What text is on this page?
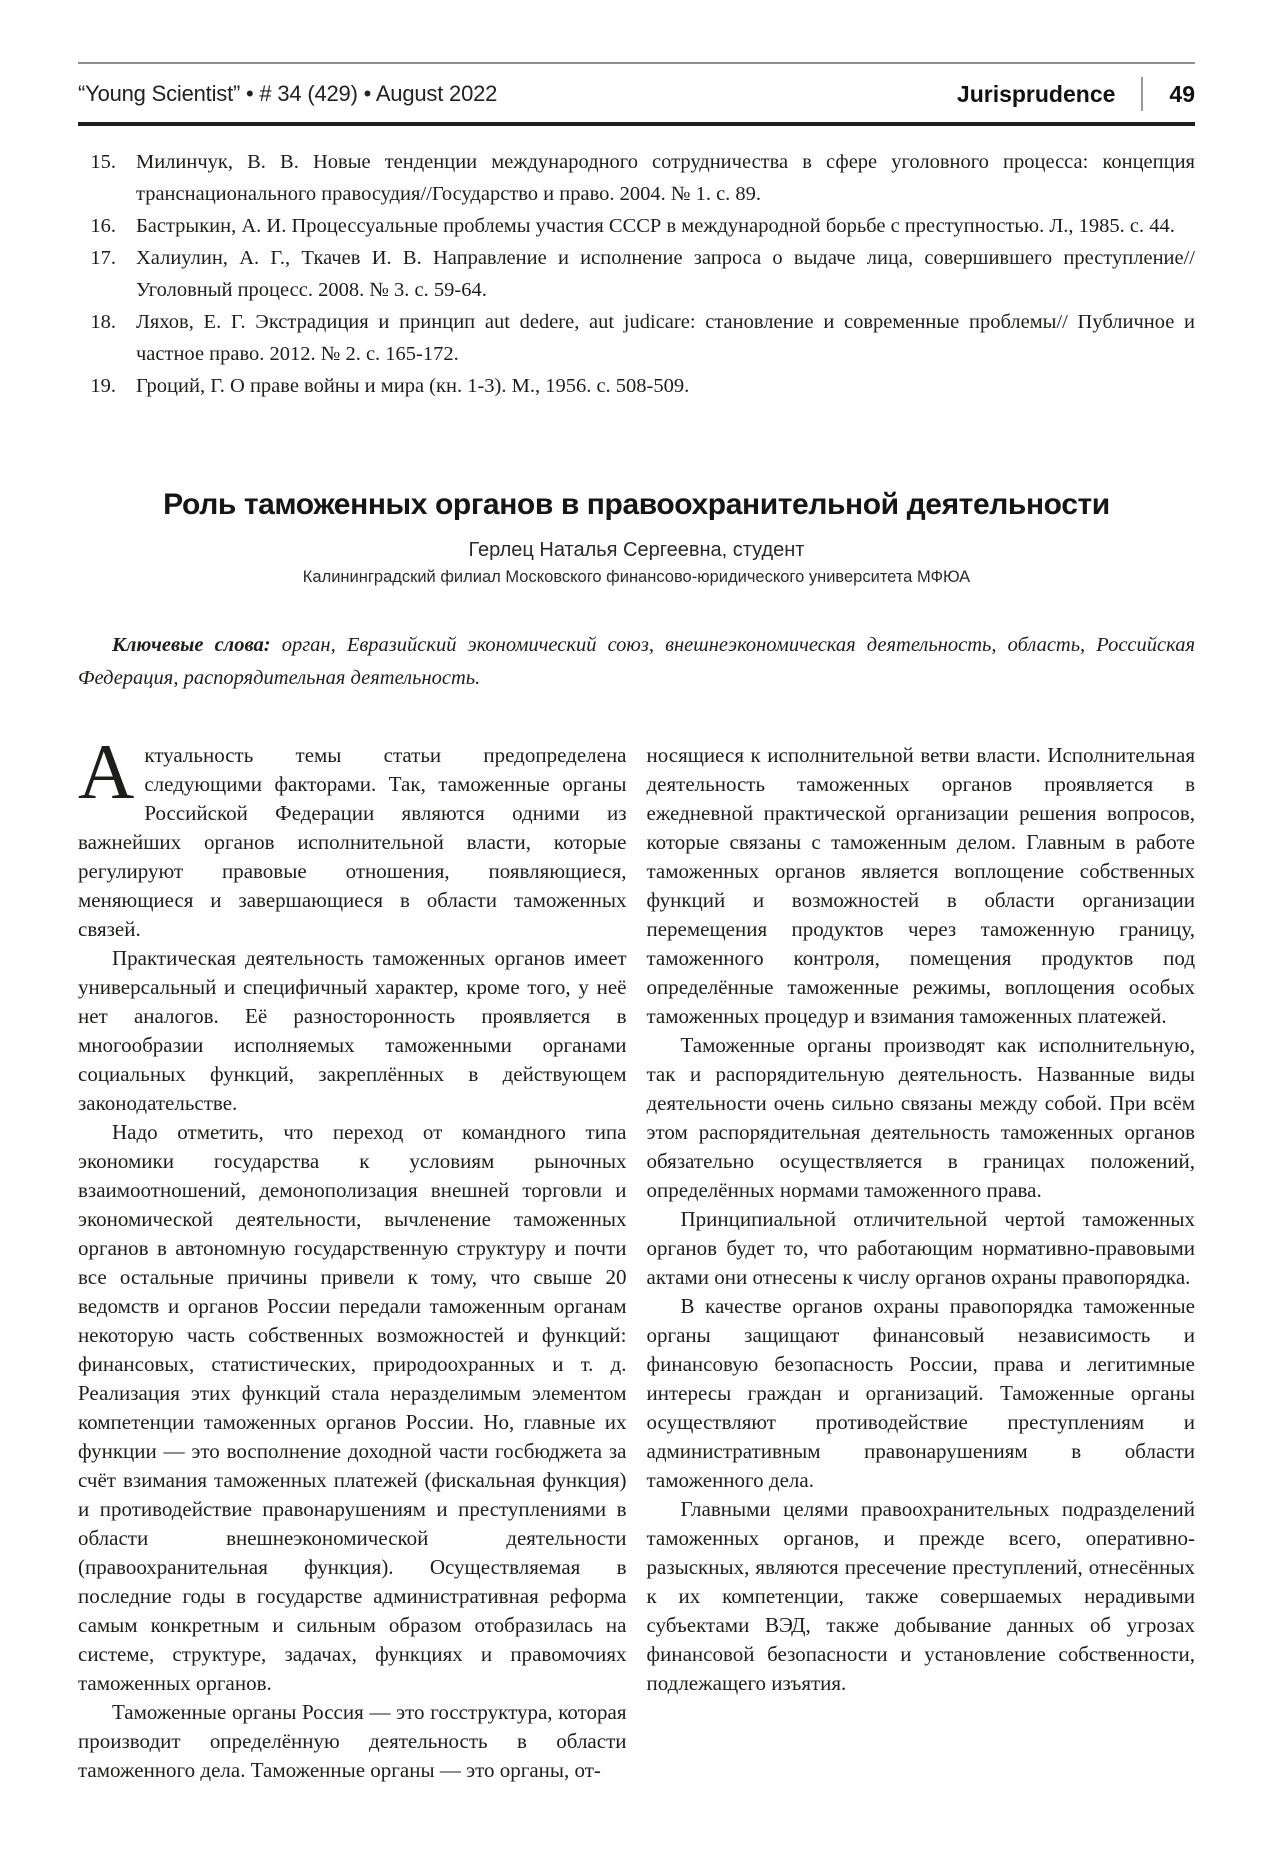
“Young Scientist” • # 34 (429) • August 2022	Jurisprudence 49
15. Милинчук, В. В. Новые тенденции международного сотрудничества в сфере уголовного процесса: концепция транснационального правосудия//Государство и право. 2004. № 1. с. 89.
16. Бастрыкин, А. И. Процессуальные проблемы участия СССР в международной борьбе с преступностью. Л., 1985. с. 44.
17. Халиулин, А. Г., Ткачев И. В. Направление и исполнение запроса о выдаче лица, совершившего преступление// Уголовный процесс. 2008. № 3. с. 59-64.
18. Ляхов, Е. Г. Экстрадиция и принцип aut dedere, aut judicare: становление и современные проблемы// Публичное и частное право. 2012. № 2. с. 165-172.
19. Гроций, Г. О праве войны и мира (кн. 1-3). М., 1956. с. 508-509.
Роль таможенных органов в правоохранительной деятельности
Герлец Наталья Сергеевна, студент
Калининградский филиал Московского финансово-юридического университета МФЮА
Ключевые слова: орган, Евразийский экономический союз, внешнеэкономическая деятельность, область, Российская Федерация, распорядительная деятельность.

Актуальность темы статьи предопределена следующими факторами. Так, таможенные органы Российской Федерации являются одними из важнейших органов исполнительной власти, которые регулируют правовые отношения, появляющиеся, меняющиеся и завершающиеся в области таможенных связей.

Практическая деятельность таможенных органов имеет универсальный и специфичный характер, кроме того, у неё нет аналогов. Её разносторонность проявляется в многообразии исполняемых таможенными органами социальных функций, закреплённых в действующем законодательстве.

Надо отметить, что переход от командного типа экономики государства к условиям рыночных взаимоотношений, демонополизация внешней торговли и экономической деятельности, вычленение таможенных органов в автономную государственную структуру и почти все остальные причины привели к тому, что свыше 20 ведомств и органов России передали таможенным органам некоторую часть собственных возможностей и функций: финансовых, статистических, природоохранных и т. д. Реализация этих функций стала неразделимым элементом компетенции таможенных органов России. Но, главные их функции — это восполнение доходной части госбюджета за счёт взимания таможенных платежей (фискальная функция) и противодействие правонарушениям и преступлениями в области внешнеэкономической деятельности (правоохранительная функция). Осуществляемая в последние годы в государстве административная реформа самым конкретным и сильным образом отобразилась на системе, структуре, задачах, функциях и правомочиях таможенных органов.

Таможенные органы Россия — это госструктура, которая производит определённую деятельность в области таможенного дела. Таможенные органы — это органы, от-

носящиеся к исполнительной ветви власти. Исполнительная деятельность таможенных органов проявляется в ежедневной практической организации решения вопросов, которые связаны с таможенным делом. Главным в работе таможенных органов является воплощение собственных функций и возможностей в области организации перемещения продуктов через таможенную границу, таможенного контроля, помещения продуктов под определённые таможенные режимы, воплощения особых таможенных процедур и взимания таможенных платежей.

Таможенные органы производят как исполнительную, так и распорядительную деятельность. Названные виды деятельности очень сильно связаны между собой. При всём этом распорядительная деятельность таможенных органов обязательно осуществляется в границах положений, определённых нормами таможенного права.

Принципиальной отличительной чертой таможенных органов будет то, что работающим нормативно-правовыми актами они отнесены к числу органов охраны правопорядка.

В качестве органов охраны правопорядка таможенные органы защищают финансовый независимость и финансовую безопасность России, права и легитимные интересы граждан и организаций. Таможенные органы осуществляют противодействие преступлениям и административным правонарушениям в области таможенного дела.

Главными целями правоохранительных подразделений таможенных органов, и прежде всего, оперативно-разыскных, являются пресечение преступлений, отнесённых к их компетенции, также совершаемых нерадивыми субъектами ВЭД, также добывание данных об угрозах финансовой безопасности и установление собственности, подлежащего изъятия.
